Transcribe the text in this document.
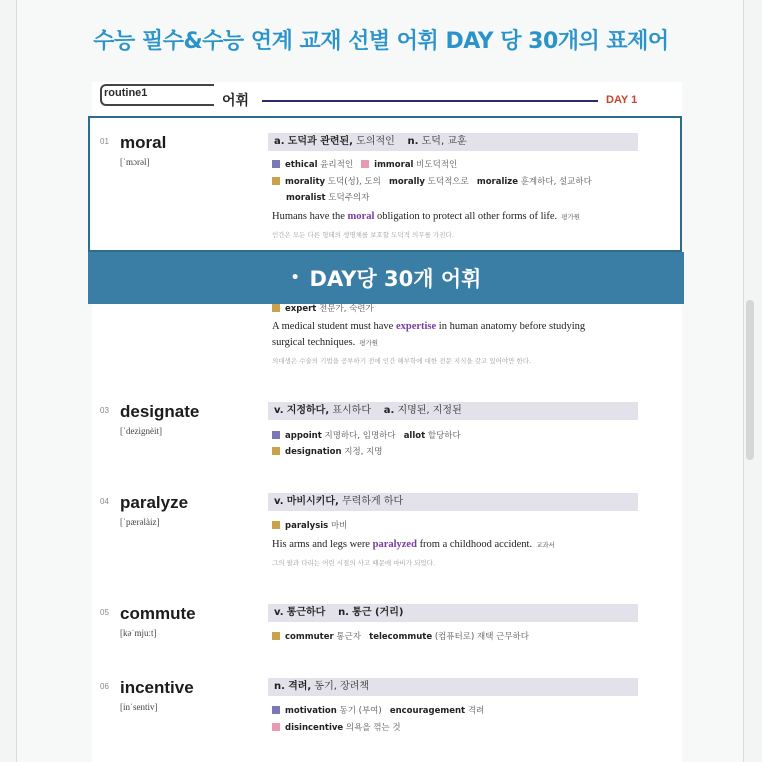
수능 필수&수능 연계 교재 선별 어휘 DAY 당 30개의 표제어
routine1	어휘	DAY 1
01 moral
[ˈmɔrəl]
a. 도덕과 관련된, 도의적인 n. 도덕, 교훈
ethical 윤리적인 immoral 비도덕적인
morality 도덕(성), 도의 morally 도덕적으로 moralize 훈계하다, 설교하다
moralist 도덕주의자
Humans have the moral obligation to protect all other forms of life. 평가원
인간은 모든 다른 형태의 생명체를 보호할 도덕적 의무를 가진다.
• DAY당 30개 어휘
expert 전문가, 숙련가
A medical student must have expertise in human anatomy before studying
surgical techniques. 평가원
의대생은 수술의 기법을 공부하기 전에 인간 해부학에 대한 전문 지식을 갖고 있어야만 한다.
03 designate
[ˈdezignèit]
v. 지정하다, 표시하다 a. 지명된, 지정된
appoint 지명하다, 임명하다 allot 할당하다
designation 지정, 지명
04 paralyze
[ˈpærəlàiz]
v. 마비시키다, 무력하게 하다
paralysis 마비
His arms and legs were paralyzed from a childhood accident. 교과서
그의 팔과 다리는 어린 시절의 사고 때문에 마비가 되었다.
05 commute
[kəˈmjuːt]
v. 통근하다 n. 통근 (거리)
commuter 통근자 telecommute (컴퓨터로) 재택 근무하다
06 incentive
[inˈsentiv]
n. 격려, 동기, 장려책
motivation 동기 (부여) encouragement 격려
disincentive 의욕을 꺾는 것
